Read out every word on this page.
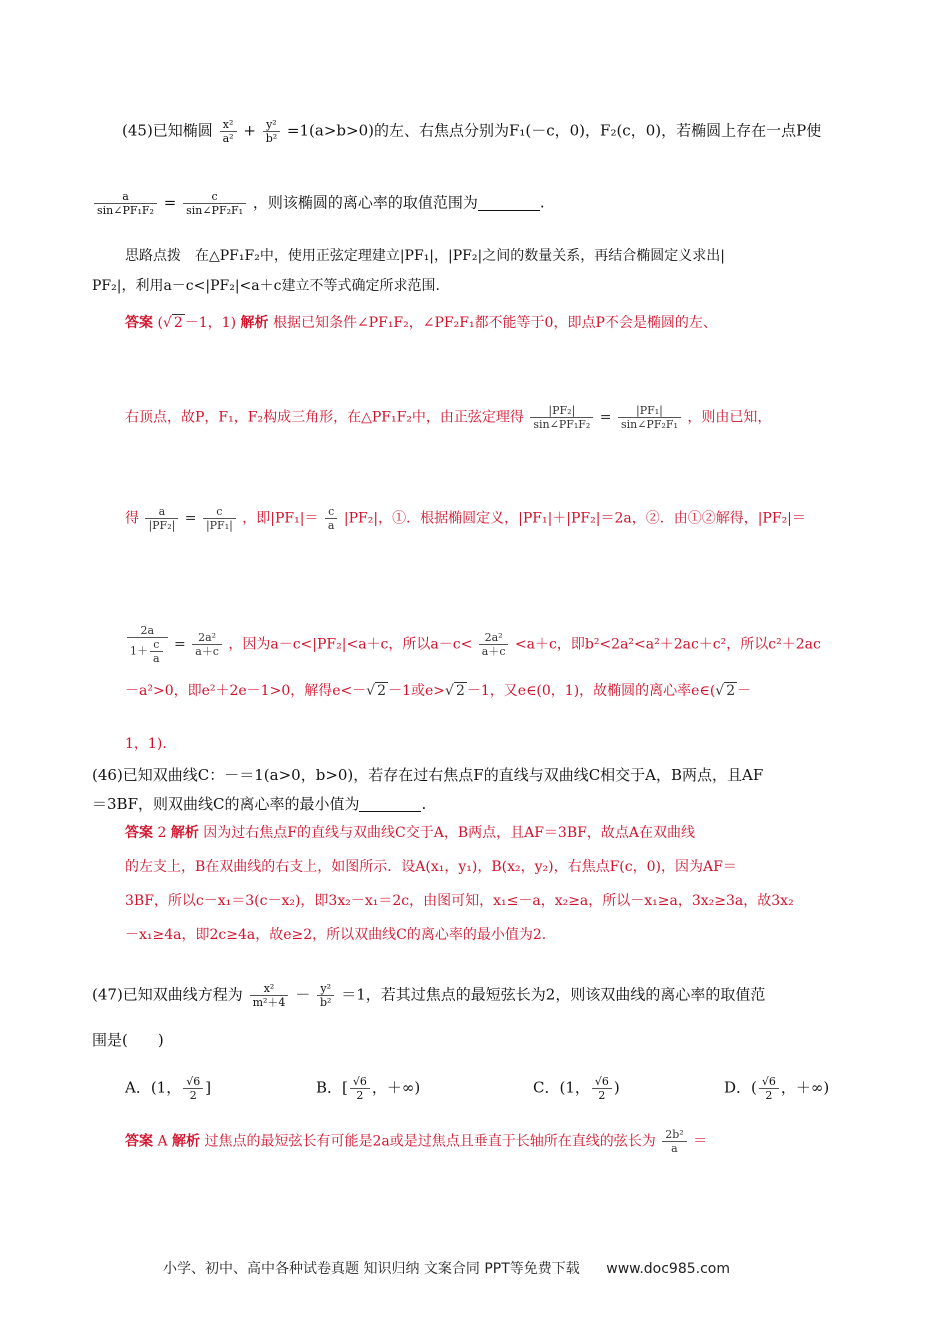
(45)已知椭圆 $\frac{\text{x²}}{\text{a²}} + \frac{\text{y²}}{\text{b²}} =1(a>b>0)$的左、右焦点分别为F₁(－c，0)，F₂(c，0)，若椭圆上存在一点P使
$\frac{a}{\text{sin∠PF₁F₂}} = \frac{c}{\text{sin∠PF₂F₁}}$ ，则该椭圆的离心率的取值范围为	.
思路点拨　在△PF₁F₂中，使用正弦定理建立|PF₁|，|PF₂|之间的数量关系，再结合椭圆定义求出|
PF₂|，利用a－c<|PF₂|<a＋c建立不等式确定所求范围.
答案 (√ 2 －1，1) 解析 根据已知条件∠PF₁F₂，∠PF₂F₁都不能等于0，即点P不会是椭圆的左、
右顶点，故P，F₁，F₂构成三角形，在△PF₁F₂中，由正弦定理得 $\frac{\text{|PF₂|}}{\text{sin∠PF₁F₂}} = \frac{\text{|PF₁|}}{\text{sin∠PF₂F₁}}$ ，则由已知，
得 $\frac{a}{\text{|PF₂|}} = \frac{c}{\text{|PF₁|}}$ ，即$|PF_1|= \frac{c}{a} |PF_2|$，①．根据椭圆定义，|PF₁|＋|PF₂|＝2a，②．由①②解得，|PF₂|＝
$\frac{2a}{1+ \frac{c}{a}} = \frac{\text{2a²}}{a+c}$ ，因为a－c<|PF₂|<a＋c，所以$a-c< \frac{\text{2a²}}{a+c} <a+c$，即b²<2a²<a²＋2ac＋c²，所以c²＋2ac
－a²>0，即e²＋2e－1>0，解得e<－√ 2 －1或e>√ 2 －1，又e∈(0，1)，故椭圆的离心率e∈(√ 2 －
1，1).
(46)已知双曲线C：－＝1(a>0，b>0)，若存在过右焦点F的直线与双曲线C相交于A，B两点，且AF
＝3BF，则双曲线C的离心率的最小值为	.
答案 2 解析 因为过右焦点F的直线与双曲线C交于A，B两点，且AF＝3BF，故点A在双曲线
的左支上，B在双曲线的右支上，如图所示．设A(x₁，y₁)，B(x₂，y₂)，右焦点F(c，0)，因为AF＝
3BF，所以c－x₁＝3(c－x₂)，即3x₂－x₁＝2c，由图可知，x₁≤－a，x₂≥a，所以－x₁≥a，3x₂≥3a，故3x₂
－x₁≥4a，即2c≥4a，故e≥2，所以双曲线C的离心率的最小值为2.
(47)已知双曲线方程为 $\frac{\text{x²}}{\text{m²＋4}} - \frac{\text{y²}}{\text{b²}} =1$，若其过焦点的最短弦长为2，则该双曲线的离心率的取值范
围是(　　)
A．(1， $\frac{√6}{2}$ ]	B．[ $\frac{√6}{2}$ ，＋∞)	C．(1， $\frac{√6}{2}$ )	D．( $\frac{√6}{2}$ ，＋∞)
答案 A 解析 过焦点的最短弦长有可能是2a或是过焦点且垂直于长轴所在直线的弦长为 $\frac{\text{2b²}}{a}$ ＝
小学、初中、高中各种试卷真题 知识归纳 文案合同 PPT等免费下载 www.doc985.com
